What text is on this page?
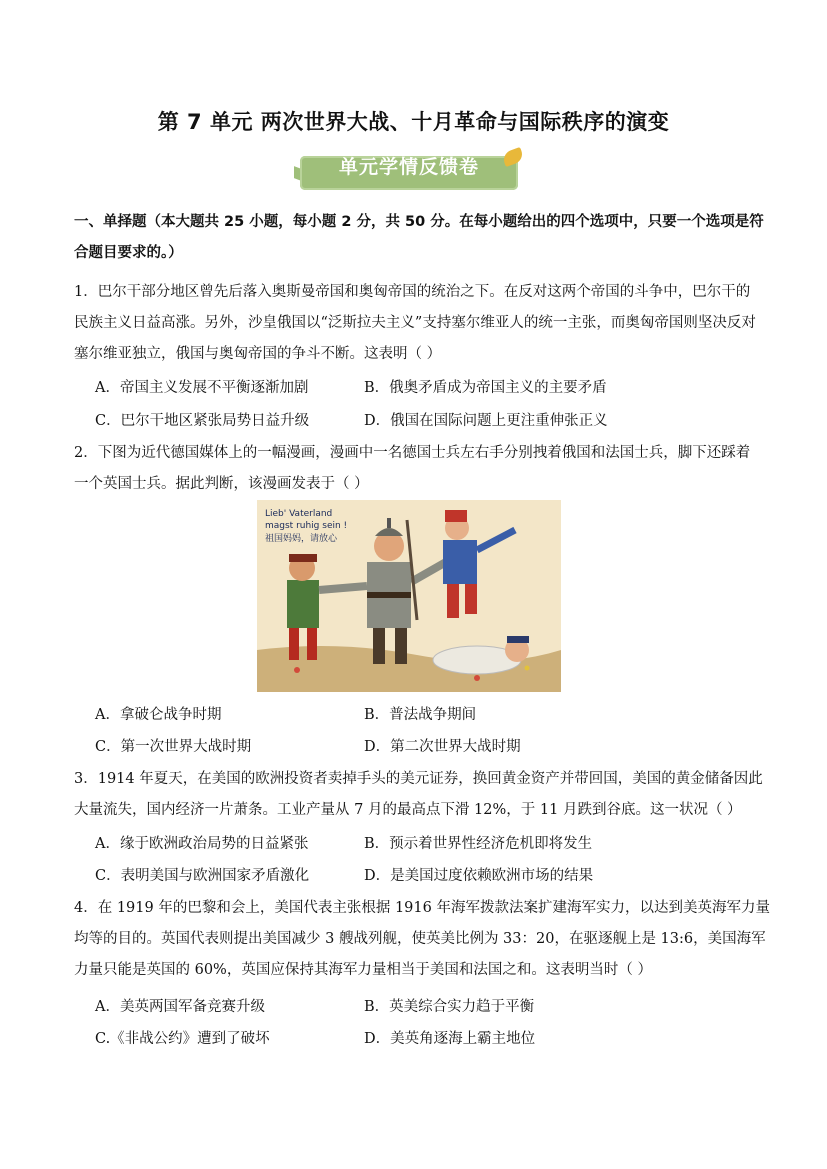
第 7 单元 两次世界大战、十月革命与国际秩序的演变
单元学情反馈卷
一、单择题（本大题共 25 小题，每小题 2 分，共 50 分。在每小题给出的四个选项中，只要一个选项是符
合题目要求的。）
1．巴尔干部分地区曾先后落入奥斯曼帝国和奥匈帝国的统治之下。在反对这两个帝国的斗争中，巴尔干的
民族主义日益高涨。另外，沙皇俄国以“泛斯拉夫主义”支持塞尔维亚人的统一主张，而奥匈帝国则坚决反对
塞尔维亚独立，俄国与奥匈帝国的争斗不断。这表明（ ）
A．帝国主义发展不平衡逐渐加剧	B．俄奥矛盾成为帝国主义的主要矛盾
C．巴尔干地区紧张局势日益升级	D．俄国在国际问题上更注重伸张正义
2．下图为近代德国媒体上的一幅漫画，漫画中一名德国士兵左右手分别拽着俄国和法国士兵，脚下还踩着
一个英国士兵。据此判断，该漫画发表于（ ）
Lieb' Vaterland
magst ruhig sein !
祖国妈妈，请放心
A．拿破仑战争时期	B．普法战争期间
C．第一次世界大战时期	D．第二次世界大战时期
3．1914 年夏天，在美国的欧洲投资者卖掉手头的美元证券，换回黄金资产并带回国，美国的黄金储备因此
大量流失，国内经济一片萧条。工业产量从 7 月的最高点下滑 12%，于 11 月跌到谷底。这一状况（ ）
A．缘于欧洲政治局势的日益紧张	B．预示着世界性经济危机即将发生
C．表明美国与欧洲国家矛盾激化	D．是美国过度依赖欧洲市场的结果
4．在 1919 年的巴黎和会上，美国代表主张根据 1916 年海军拨款法案扩建海军实力，以达到美英海军力量
均等的目的。英国代表则提出美国减少 3 艘战列舰，使英美比例为 33：20，在驱逐舰上是 13:6，美国海军
力量只能是英国的 60%，英国应保持其海军力量相当于美国和法国之和。这表明当时（ ）
A．美英两国军备竞赛升级	B．英美综合实力趋于平衡
C.《非战公约》遭到了破坏	D．美英角逐海上霸主地位
